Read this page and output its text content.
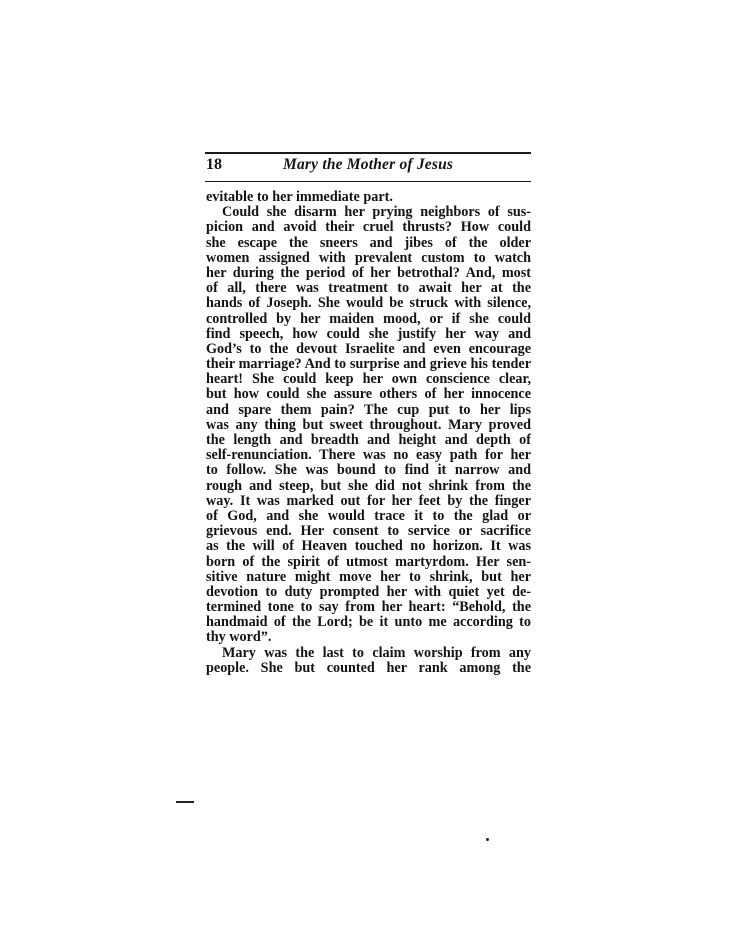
18	Mary the Mother of Jesus
evitable to her immediate part.
Could she disarm her prying neighbors of sus-
picion and avoid their cruel thrusts? How could
she escape the sneers and jibes of the older
women assigned with prevalent custom to watch
her during the period of her betrothal? And, most
of all, there was treatment to await her at the
hands of Joseph. She would be struck with silence,
controlled by her maiden mood, or if she could
find speech, how could she justify her way and
God’s to the devout Israelite and even encourage
their marriage? And to surprise and grieve his tender
heart! She could keep her own conscience clear,
but how could she assure others of her innocence
and spare them pain? The cup put to her lips
was any thing but sweet throughout. Mary proved
the length and breadth and height and depth of
self-renunciation. There was no easy path for her
to follow. She was bound to find it narrow and
rough and steep, but she did not shrink from the
way. It was marked out for her feet by the finger
of God, and she would trace it to the glad or
grievous end. Her consent to service or sacrifice
as the will of Heaven touched no horizon. It was
born of the spirit of utmost martyrdom. Her sen-
sitive nature might move her to shrink, but her
devotion to duty prompted her with quiet yet de-
termined tone to say from her heart: “Behold, the
handmaid of the Lord; be it unto me according to
thy word”.
Mary was the last to claim worship from any
people. She but counted her rank among the
